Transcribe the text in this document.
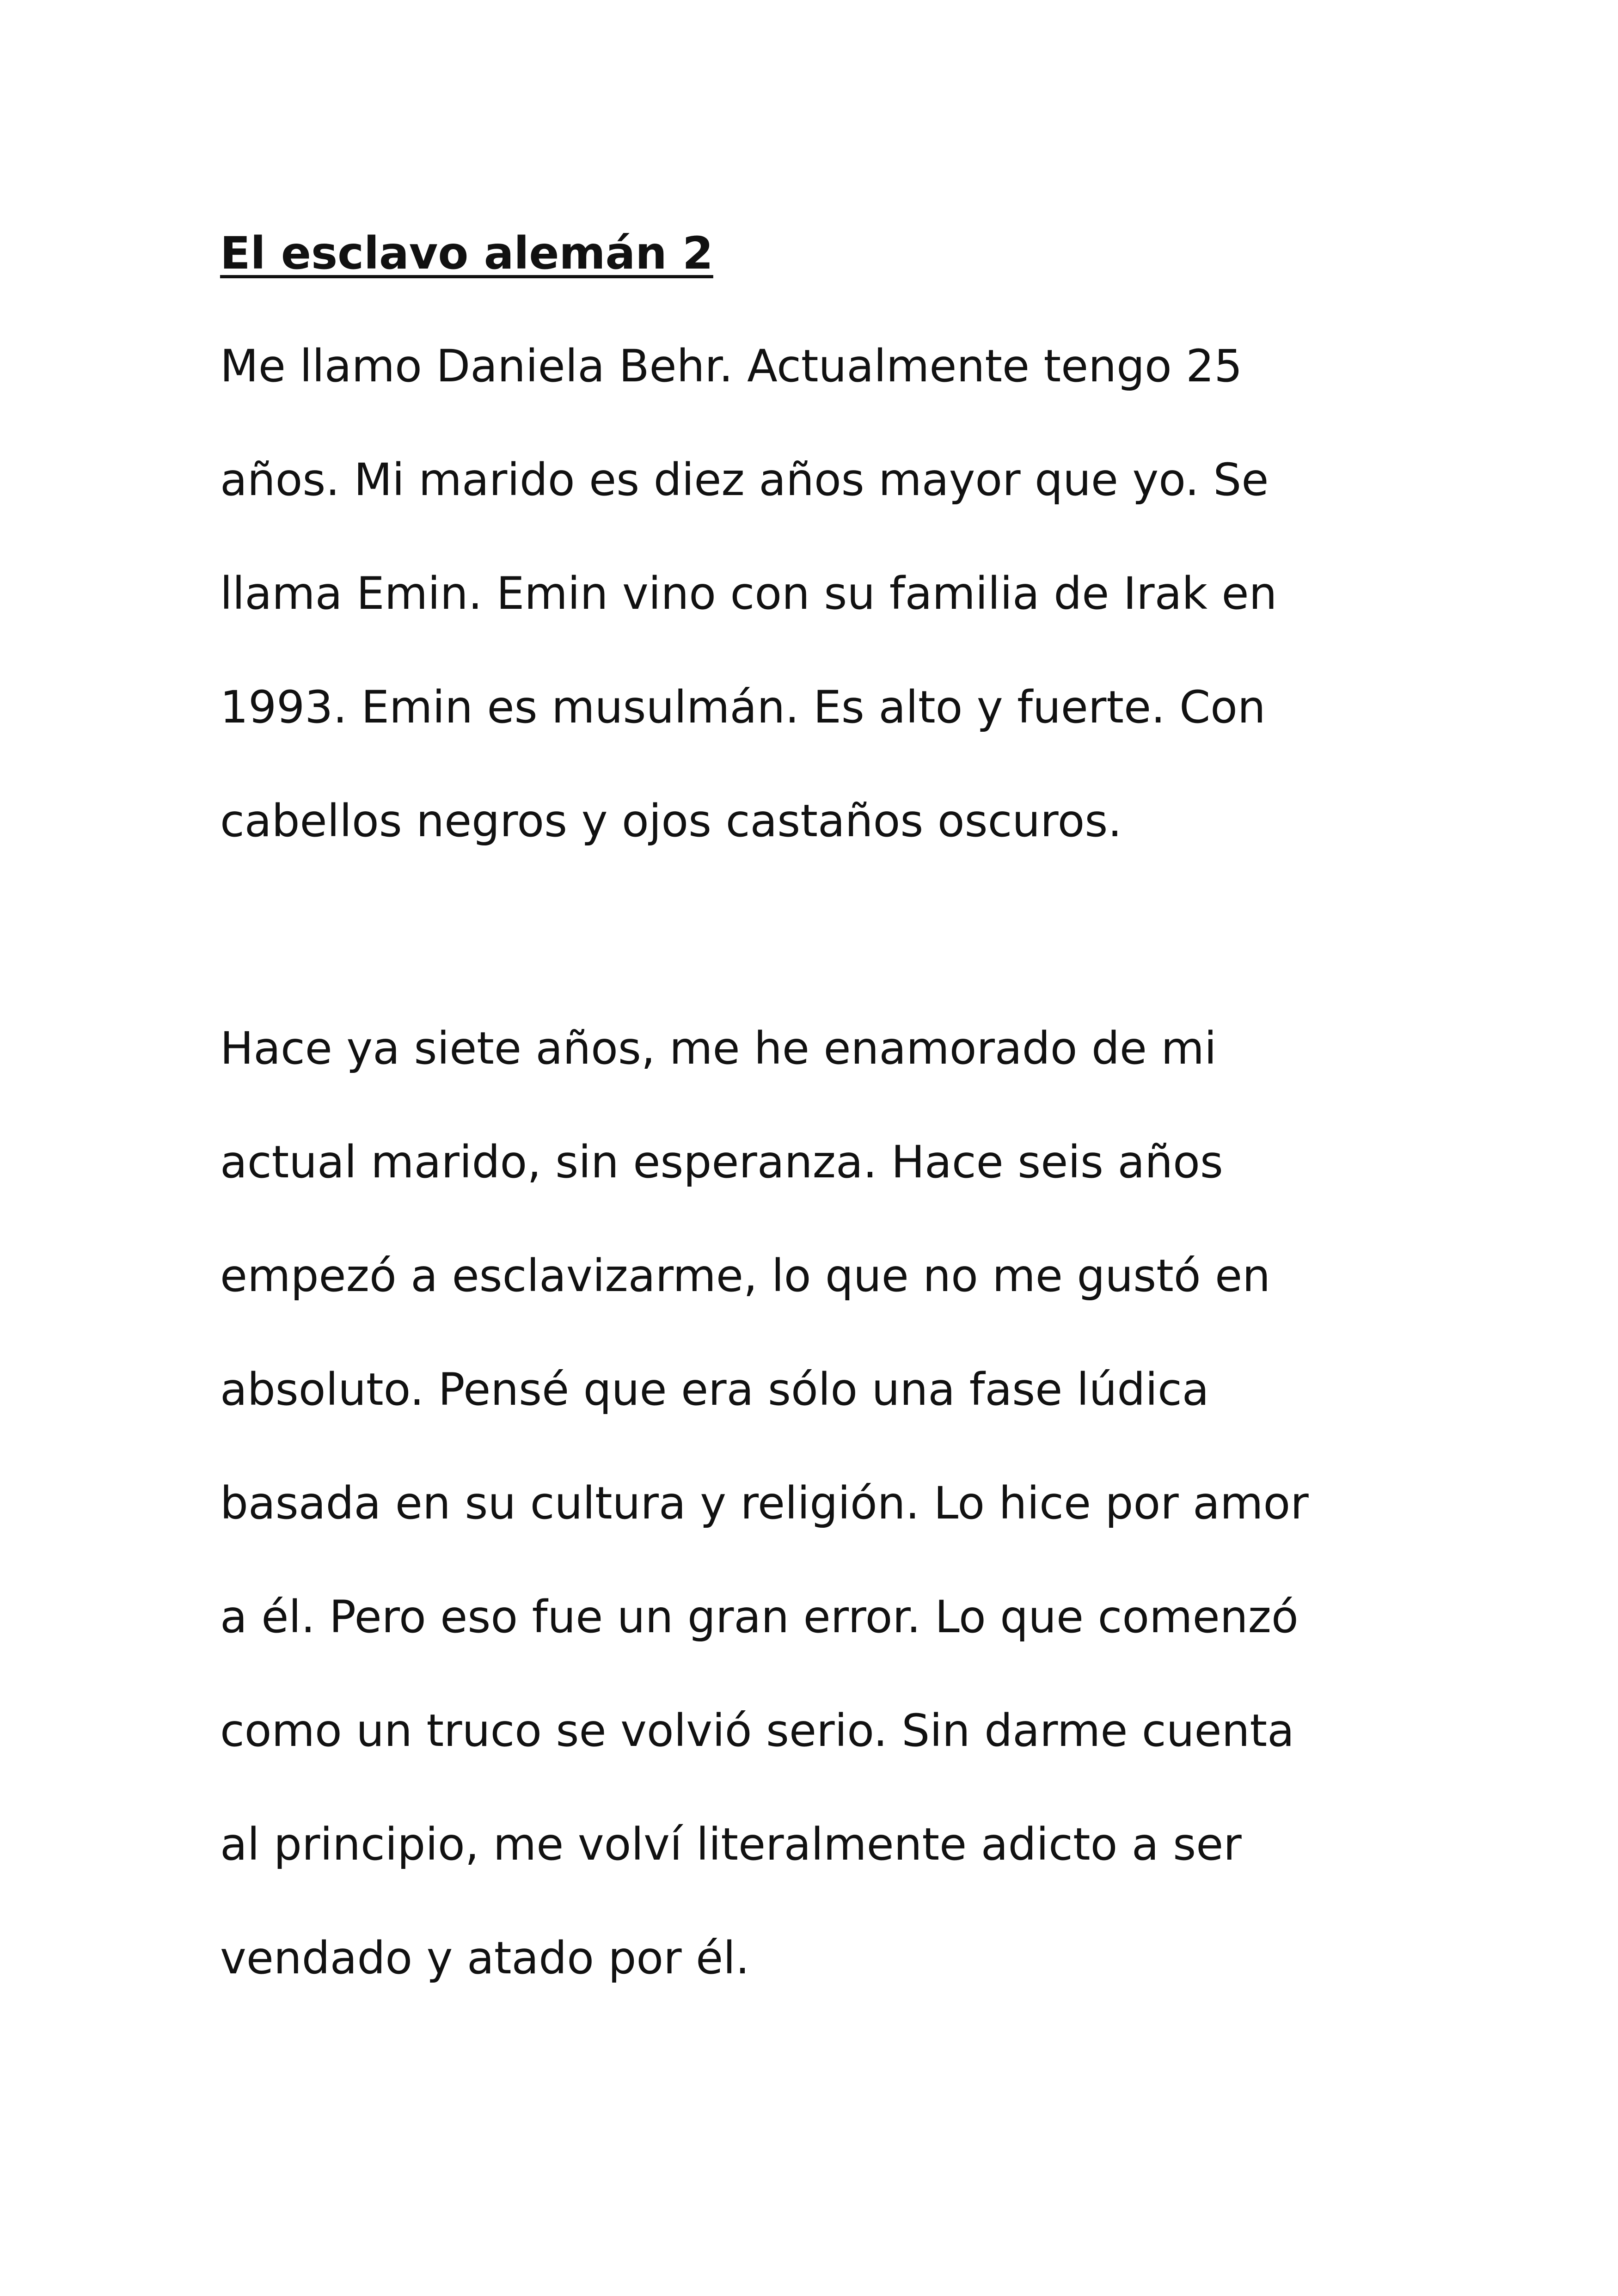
El esclavo alemán 2

Me llamo Daniela Behr. Actualmente tengo 25

años. Mi marido es diez años mayor que yo. Se

llama Emin. Emin vino con su familia de Irak en

1993. Emin es musulmán. Es alto y fuerte. Con

cabellos negros y ojos castaños oscuros.

Hace ya siete años, me he enamorado de mi

actual marido, sin esperanza. Hace seis años

empezó a esclavizarme, lo que no me gustó en

absoluto. Pensé que era sólo una fase lúdica

basada en su cultura y religión. Lo hice por amor

a él. Pero eso fue un gran error. Lo que comenzó

como un truco se volvió serio. Sin darme cuenta

al principio, me volví literalmente adicto a ser

vendado y atado por él.
